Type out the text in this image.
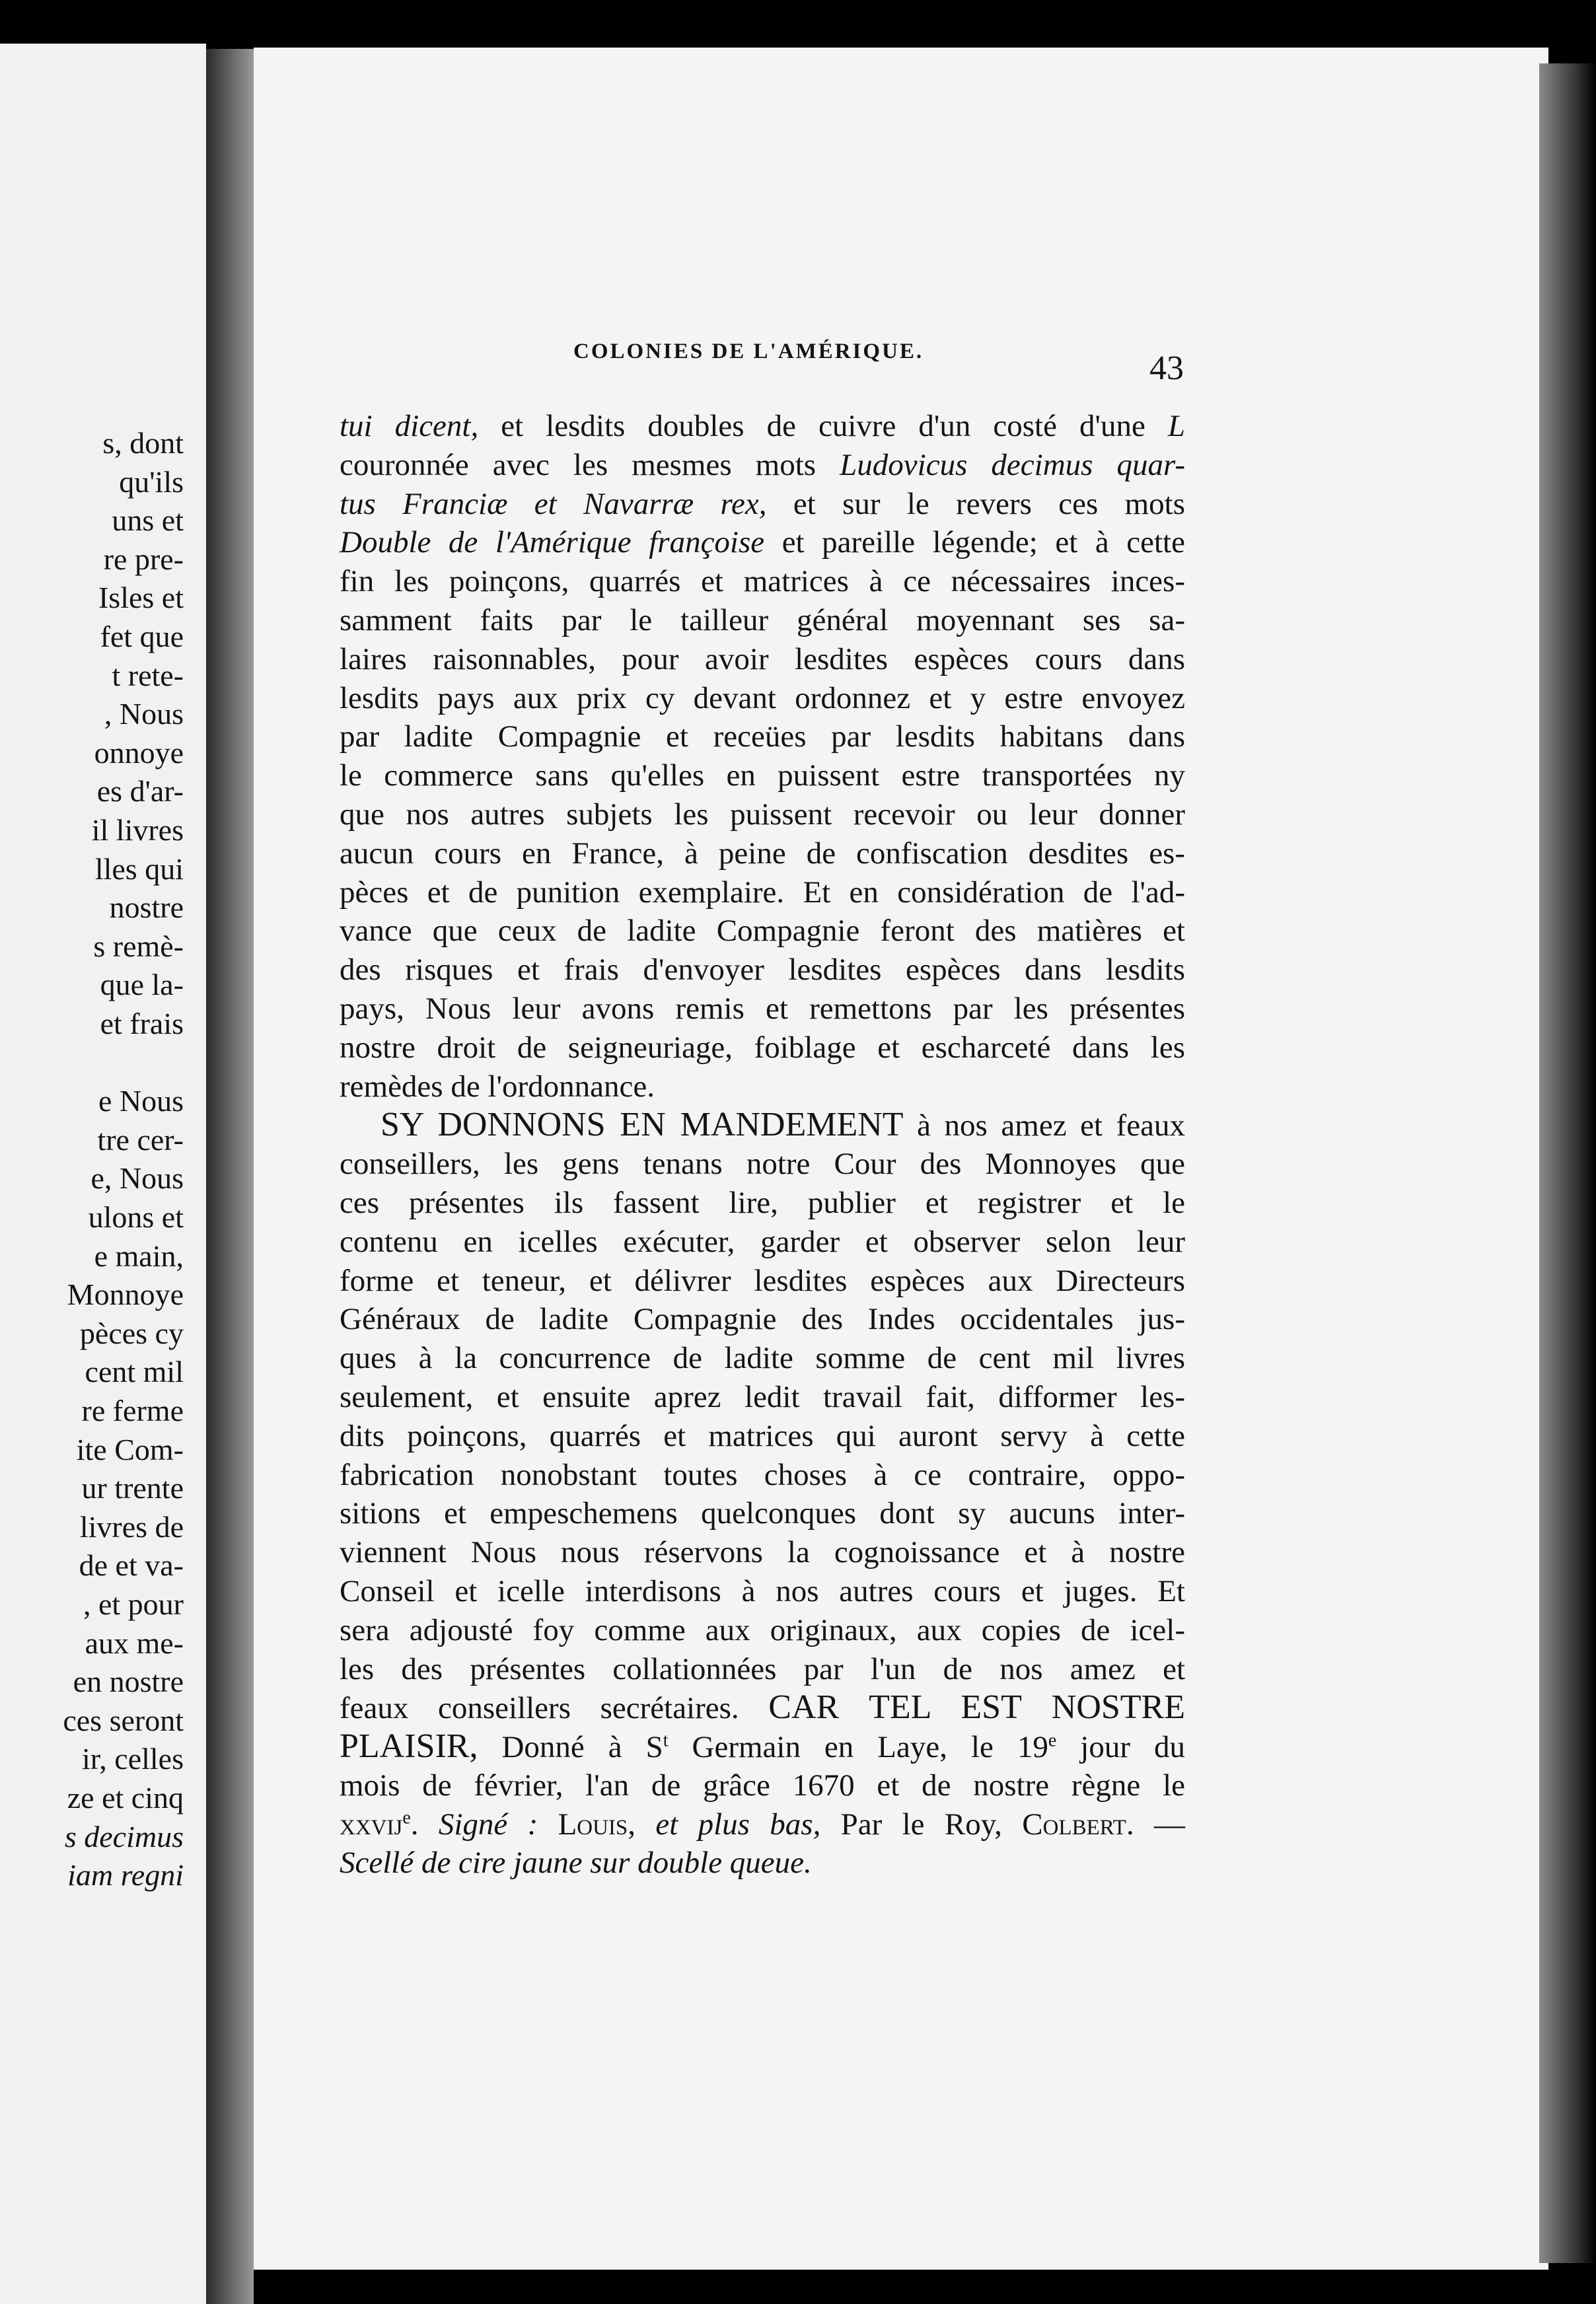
s, dont
qu'ils
uns et
re pre-
Isles et
fet que
t rete-
, Nous
onnoye
es d'ar-
il livres
lles qui
nostre
s remè-
que la-
et frais
e Nous
tre cer-
e, Nous
ulons et
e main,
Monnoye
pèces cy
cent mil
re ferme
ite Com-
ur trente
livres de
de et va-
, et pour
aux me-
en nostre
ces seront
ir, celles
ze et cinq
s decimus
iam regni
COLONIES DE L'AMÉRIQUE.	43
tui dicent, et lesdits doubles de cuivre d'un costé d'une L
couronnée avec les mesmes mots Ludovicus decimus quar-
tus Franciæ et Navarræ rex, et sur le revers ces mots
Double de l'Amérique françoise et pareille légende; et à cette
fin les poinçons, quarrés et matrices à ce nécessaires inces-
samment faits par le tailleur général moyennant ses sa-
laires raisonnables, pour avoir lesdites espèces cours dans
lesdits pays aux prix cy devant ordonnez et y estre envoyez
par ladite Compagnie et receües par lesdits habitans dans
le commerce sans qu'elles en puissent estre transportées ny
que nos autres subjets les puissent recevoir ou leur donner
aucun cours en France, à peine de confiscation desdites es-
pèces et de punition exemplaire. Et en considération de l'ad-
vance que ceux de ladite Compagnie feront des matières et
des risques et frais d'envoyer lesdites espèces dans lesdits
pays, Nous leur avons remis et remettons par les présentes
nostre droit de seigneuriage, foiblage et escharceté dans les
remèdes de l'ordonnance.
SY DONNONS EN MANDEMENT à nos amez et feaux
conseillers, les gens tenans notre Cour des Monnoyes que
ces présentes ils fassent lire, publier et registrer et le
contenu en icelles exécuter, garder et observer selon leur
forme et teneur, et délivrer lesdites espèces aux Directeurs
Généraux de ladite Compagnie des Indes occidentales jus-
ques à la concurrence de ladite somme de cent mil livres
seulement, et ensuite aprez ledit travail fait, difformer les-
dits poinçons, quarrés et matrices qui auront servy à cette
fabrication nonobstant toutes choses à ce contraire, oppo-
sitions et empeschemens quelconques dont sy aucuns inter-
viennent Nous nous réservons la cognoissance et à nostre
Conseil et icelle interdisons à nos autres cours et juges. Et
sera adjousté foy comme aux originaux, aux copies de icel-
les des présentes collationnées par l'un de nos amez et
feaux conseillers secrétaires. CAR TEL EST NOSTRE
PLAISIR, Donné à $S^t$ Germain en Laye, le 19e jour du
mois de février, l'an de grâce 1670 et de nostre règne le
xxvij$^e$. Signé : Louis, et plus bas, Par le Roy, Colbert. —
Scellé de cire jaune sur double queue.
